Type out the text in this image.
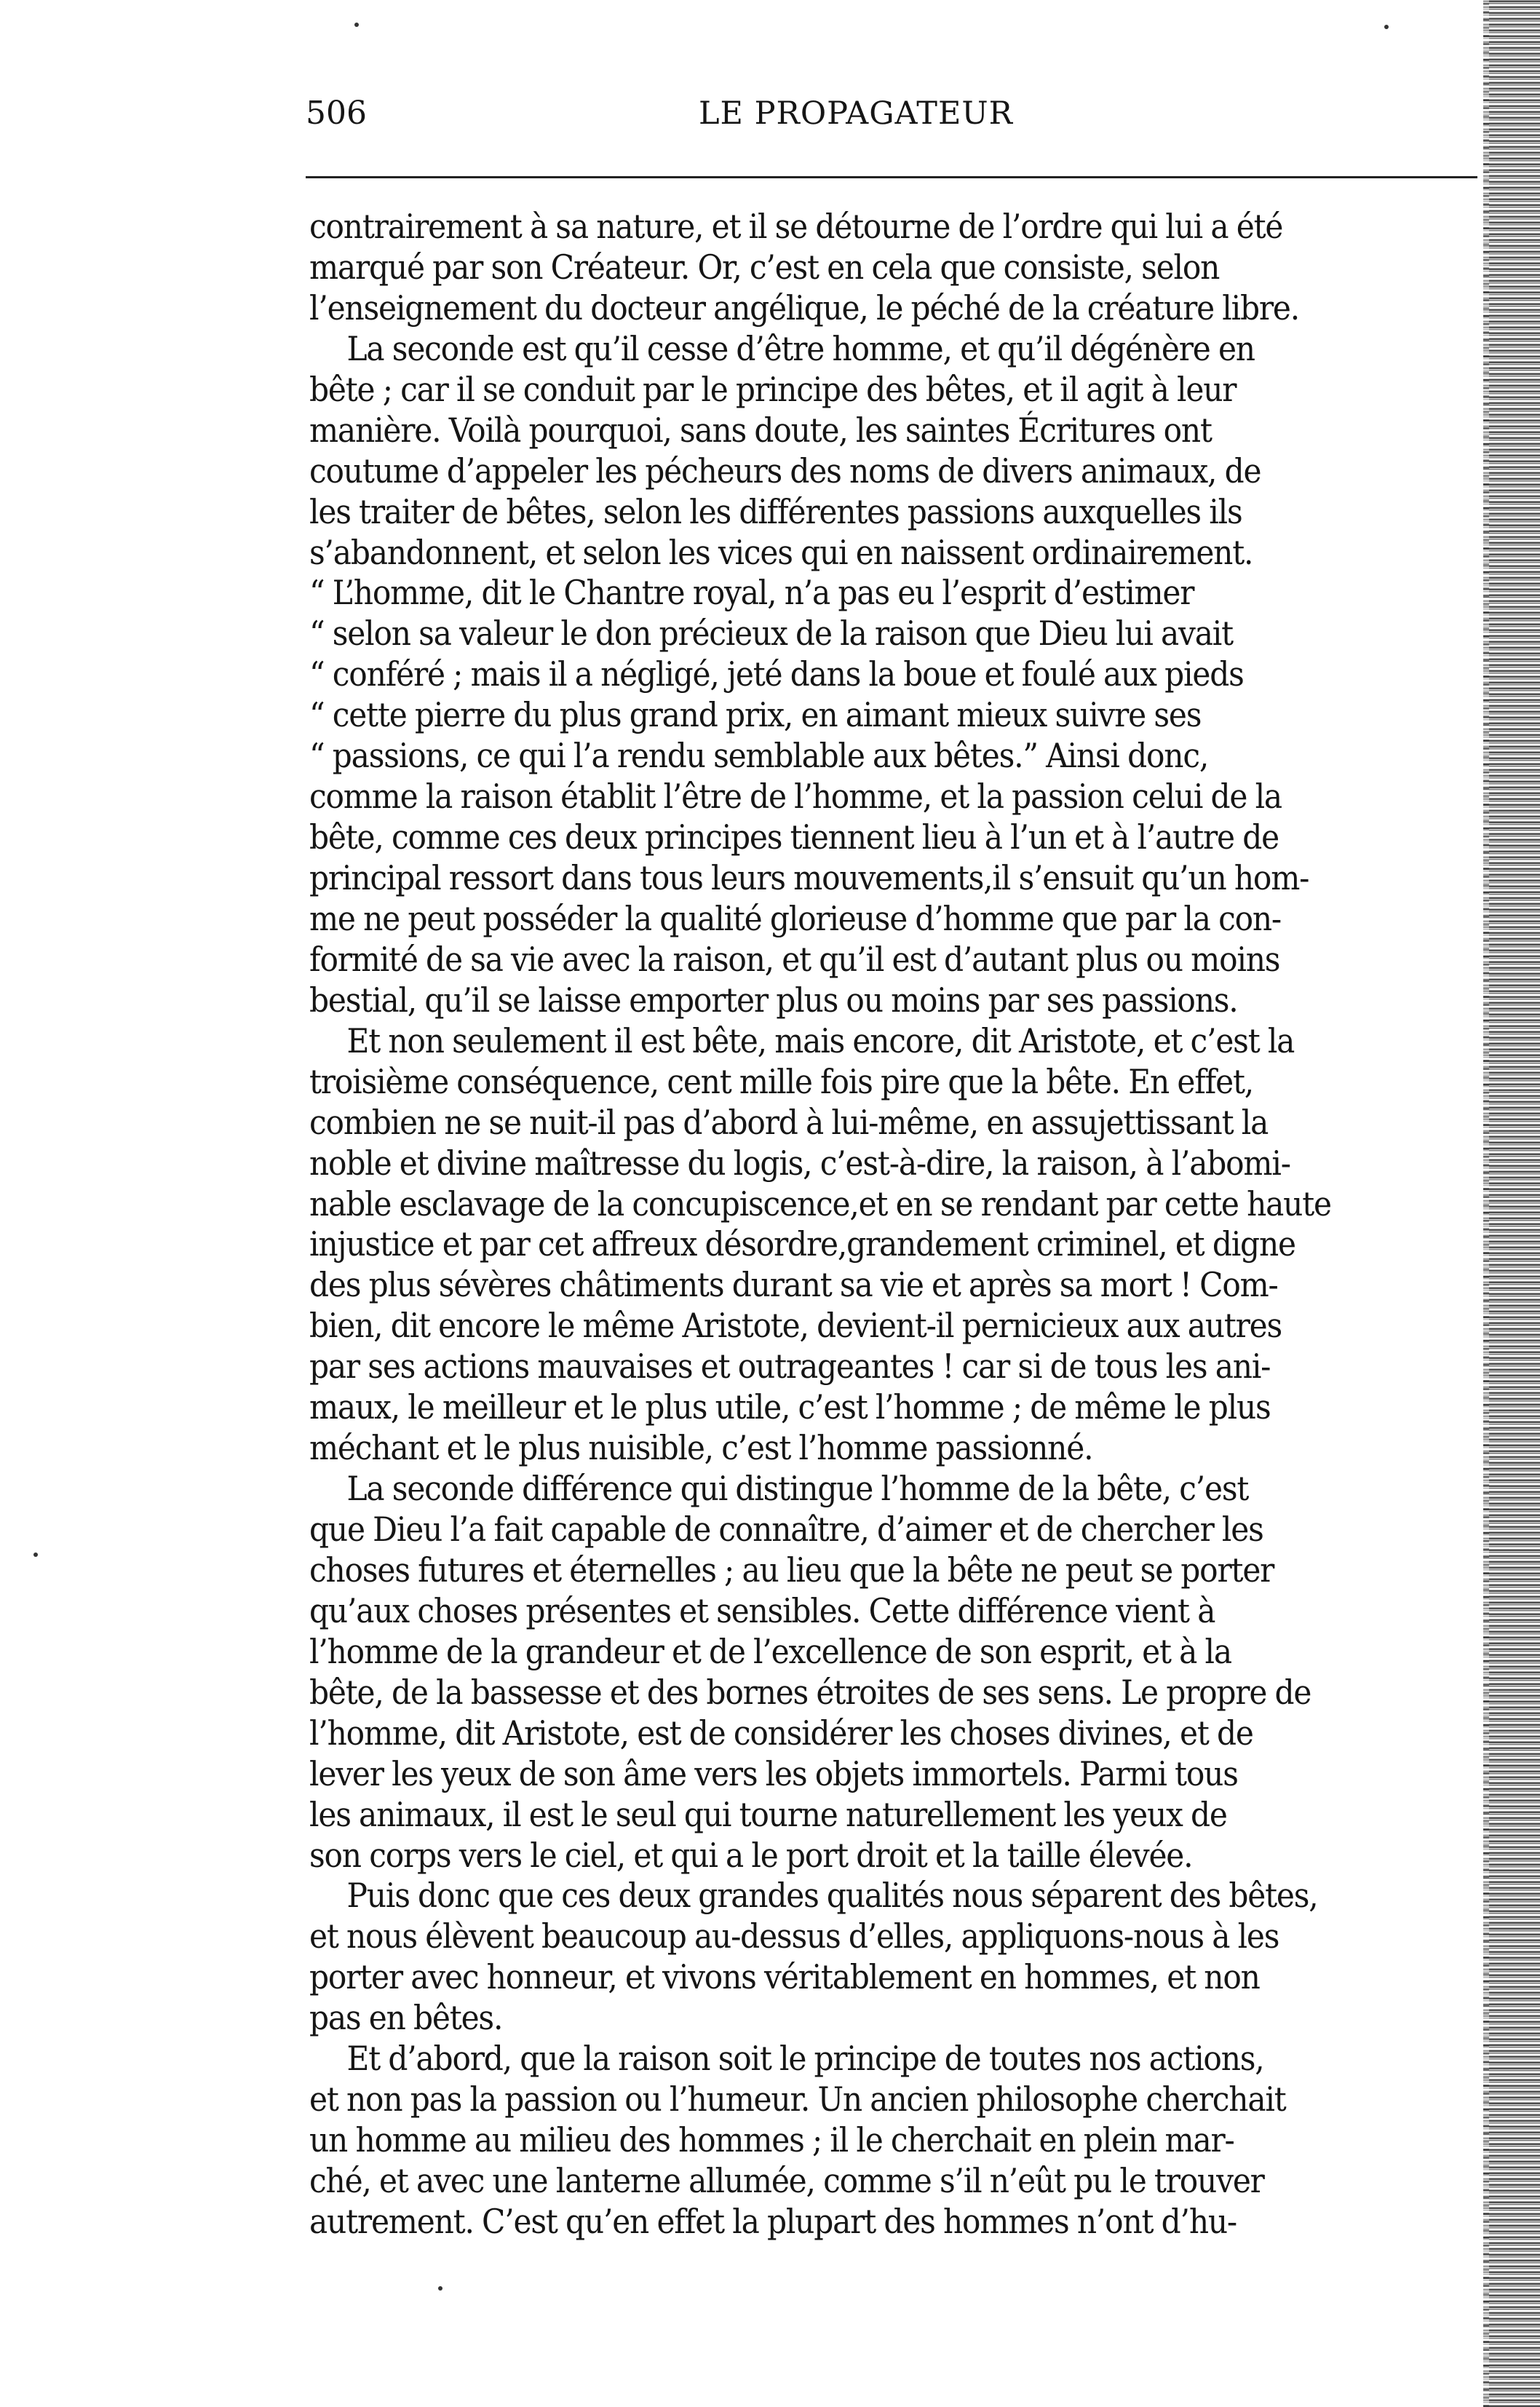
506	LE PROPAGATEUR

contrairement à sa nature, et il se détourne de l’ordre qui lui a été

marqué par son Créateur. Or, c’est en cela que consiste, selon

l’enseignement du docteur angélique, le péché de la créature libre.

La seconde est qu’il cesse d’être homme, et qu’il dégénère en

bête ; car il se conduit par le principe des bêtes, et il agit à leur

manière. Voilà pourquoi, sans doute, les saintes Écritures ont

coutume d’appeler les pécheurs des noms de divers animaux, de

les traiter de bêtes, selon les différentes passions auxquelles ils

s’abandonnent, et selon les vices qui en naissent ordinairement.

“ L’homme, dit le Chantre royal, n’a pas eu l’esprit d’estimer

“ selon sa valeur le don précieux de la raison que Dieu lui avait

“ conféré ; mais il a négligé, jeté dans la boue et foulé aux pieds

“ cette pierre du plus grand prix, en aimant mieux suivre ses

“ passions, ce qui l’a rendu semblable aux bêtes.” Ainsi donc,

comme la raison établit l’être de l’homme, et la passion celui de la

bête, comme ces deux principes tiennent lieu à l’un et à l’autre de

principal ressort dans tous leurs mouvements,il s’ensuit qu’un hom-

me ne peut posséder la qualité glorieuse d’homme que par la con-

formité de sa vie avec la raison, et qu’il est d’autant plus ou moins

bestial, qu’il se laisse emporter plus ou moins par ses passions.

Et non seulement il est bête, mais encore, dit Aristote, et c’est la

troisième conséquence, cent mille fois pire que la bête. En effet,

combien ne se nuit-il pas d’abord à lui-même, en assujettissant la

noble et divine maîtresse du logis, c’est-à-dire, la raison, à l’abomi-

nable esclavage de la concupiscence,et en se rendant par cette haute

injustice et par cet affreux désordre,grandement criminel, et digne

des plus sévères châtiments durant sa vie et après sa mort ! Com-

bien, dit encore le même Aristote, devient-il pernicieux aux autres

par ses actions mauvaises et outrageantes ! car si de tous les ani-

maux, le meilleur et le plus utile, c’est l’homme ; de même le plus

méchant et le plus nuisible, c’est l’homme passionné.

La seconde différence qui distingue l’homme de la bête, c’est

que Dieu l’a fait capable de connaître, d’aimer et de chercher les

choses futures et éternelles ; au lieu que la bête ne peut se porter

qu’aux choses présentes et sensibles. Cette différence vient à

l’homme de la grandeur et de l’excellence de son esprit, et à la

bête, de la bassesse et des bornes étroites de ses sens. Le propre de

l’homme, dit Aristote, est de considérer les choses divines, et de

lever les yeux de son âme vers les objets immortels. Parmi tous

les animaux, il est le seul qui tourne naturellement les yeux de

son corps vers le ciel, et qui a le port droit et la taille élevée.

Puis donc que ces deux grandes qualités nous séparent des bêtes,

et nous élèvent beaucoup au-dessus d’elles, appliquons-nous à les

porter avec honneur, et vivons véritablement en hommes, et non

pas en bêtes.

Et d’abord, que la raison soit le principe de toutes nos actions,

et non pas la passion ou l’humeur. Un ancien philosophe cherchait

un homme au milieu des hommes ; il le cherchait en plein mar-

ché, et avec une lanterne allumée, comme s’il n’eût pu le trouver

autrement. C’est qu’en effet la plupart des hommes n’ont d’hu-
